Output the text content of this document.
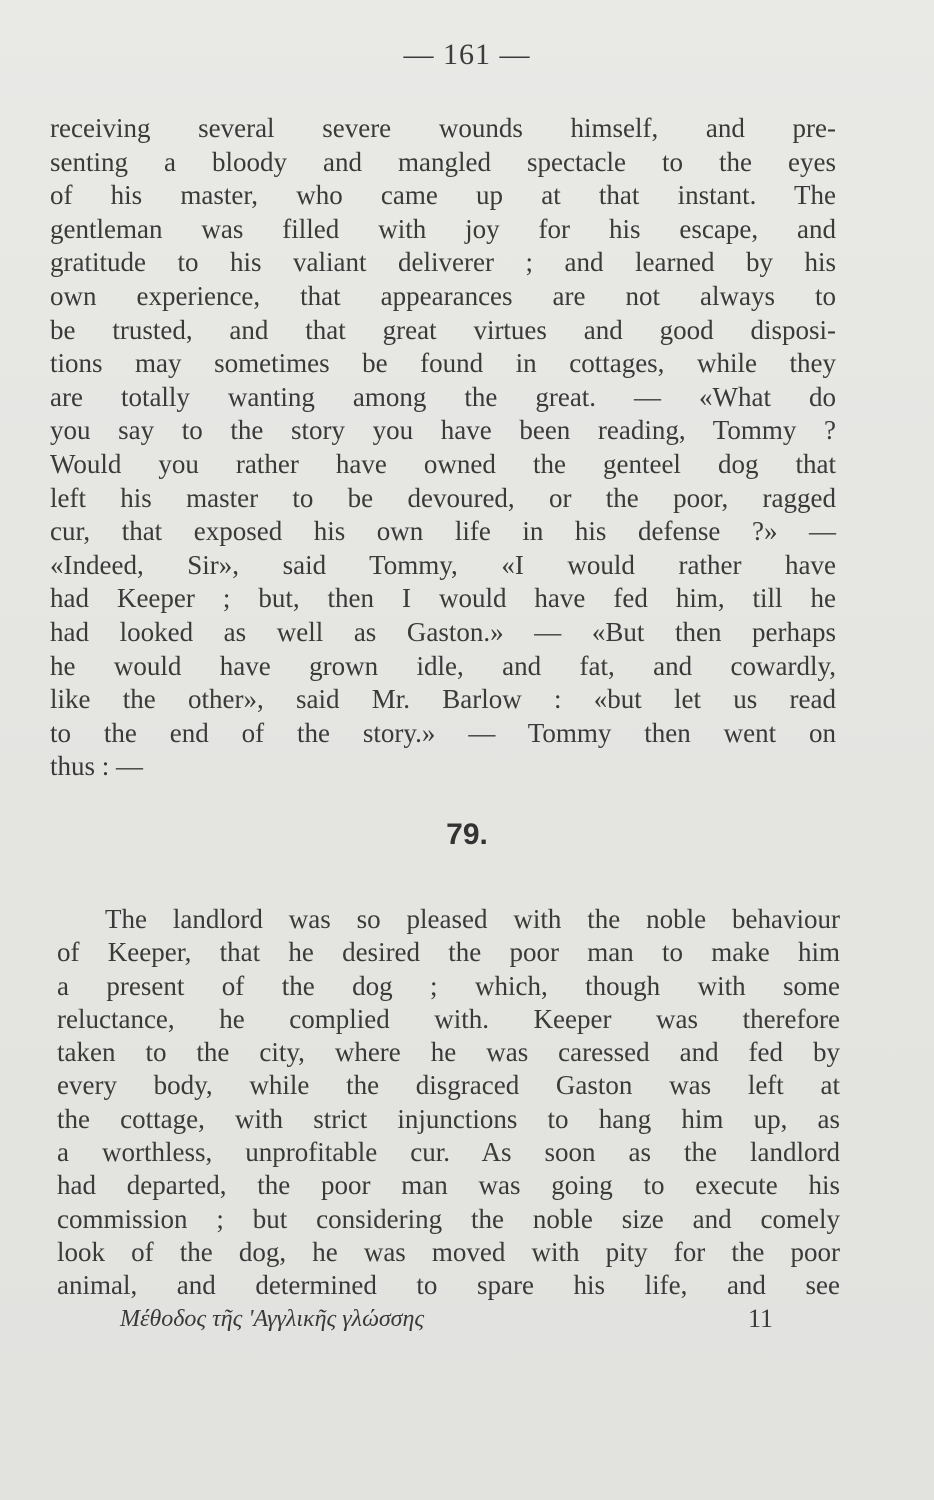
— 161 —
receiving several severe wounds himself, and pre-
senting a bloody and mangled spectacle to the eyes
of his master, who came up at that instant. The
gentleman was filled with joy for his escape, and
gratitude to his valiant deliverer ; and learned by his
own experience, that appearances are not always to
be trusted, and that great virtues and good disposi-
tions may sometimes be found in cottages, while they
are totally wanting among the great. — «What do
you say to the story you have been reading, Tommy ?
Would you rather have owned the genteel dog that
left his master to be devoured, or the poor, ragged
cur, that exposed his own life in his defense ?» —
«Indeed, Sir», said Tommy, «I would rather have
had Keeper ; but, then I would have fed him, till he
had looked as well as Gaston.» — «But then perhaps
he would have grown idle, and fat, and cowardly,
like the other», said Mr. Barlow : «but let us read
to the end of the story.» — Tommy then went on
thus : —
79.
The landlord was so pleased with the noble behaviour
of Keeper, that he desired the poor man to make him
a present of the dog ; which, though with some
reluctance, he complied with. Keeper was therefore
taken to the city, where he was caressed and fed by
every body, while the disgraced Gaston was left at
the cottage, with strict injunctions to hang him up, as
a worthless, unprofitable cur. As soon as the landlord
had departed, the poor man was going to execute his
commission ; but considering the noble size and comely
look of the dog, he was moved with pity for the poor
animal, and determined to spare his life, and see
Μέθοδος τῆς 'Αγγλικῆς γλώσσης	11
